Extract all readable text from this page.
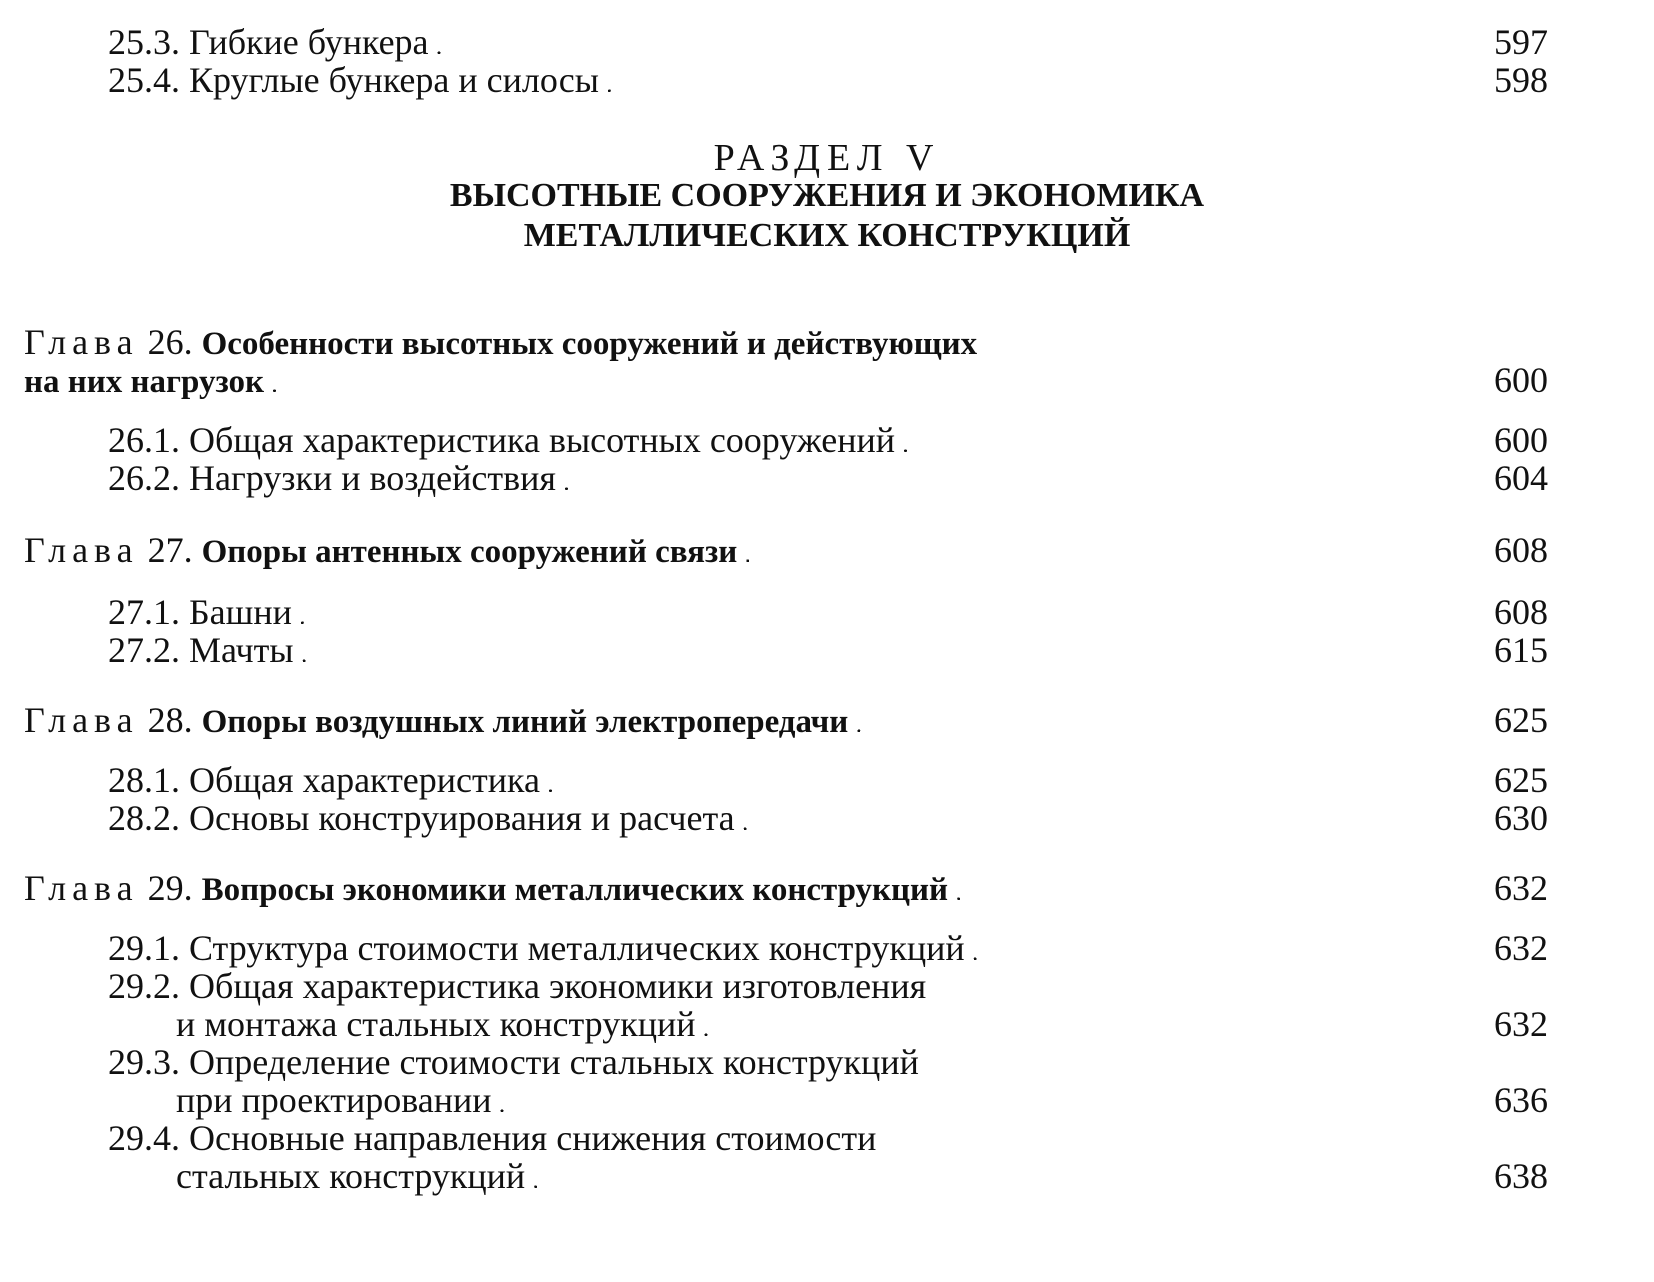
25.3. Гибкие бункера . . .	597
25.4. Круглые бункера и силосы . . .	598
РАЗДЕЛ V
ВЫСОТНЫЕ СООРУЖЕНИЯ И ЭКОНОМИКА
МЕТАЛЛИЧЕСКИХ КОНСТРУКЦИЙ
Глава 26. Особенности высотных сооружений и действующих
на них нагрузок . . .	600
26.1. Общая характеристика высотных сооружений . . .	600
26.2. Нагрузки и воздействия . . .	604
Глава 27. Опоры антенных сооружений связи . . .	608
27.1. Башни . . .	608
27.2. Мачты . . .	615
Глава 28. Опоры воздушных линий электропередачи . . .	625
28.1. Общая характеристика . . .	625
28.2. Основы конструирования и расчета . . .	630
Глава 29. Вопросы экономики металлических конструкций . . .	632
29.1. Структура стоимости металлических конструкций . . .	632
29.2. Общая характеристика экономики изготовления
и монтажа стальных конструкций . . .	632
29.3. Определение стоимости стальных конструкций
при проектировании . . .	636
29.4. Основные направления снижения стоимости
стальных конструкций . . .	638
